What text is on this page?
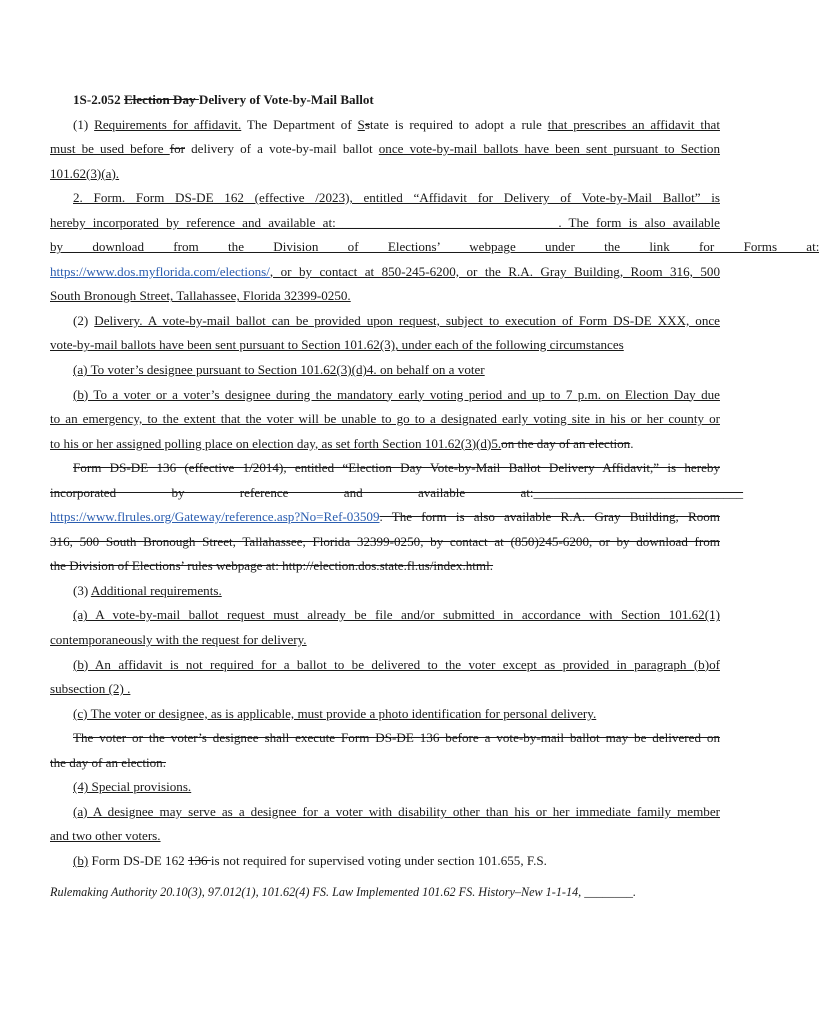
1S-2.052 Election Day Delivery of Vote-by-Mail Ballot
(1) Requirements for affidavit. The Department of Sstate is required to adopt a rule that prescribes an affidavit that
must be used before for delivery of a vote-by-mail ballot once vote-by-mail ballots have been sent pursuant to Section
101.62(3)(a).
2. Form. Form DS-DE 162 (effective /2023), entitled “Affidavit for Delivery of Vote-by-Mail Ballot” is
hereby incorporated by reference and available at:__________________________________. The form is also available
by download from the Division of Elections’ webpage under the link for Forms at:
https://www.dos.myflorida.com/elections/, or by contact at 850-245-6200, or the R.A. Gray Building, Room 316, 500
South Bronough Street, Tallahassee, Florida 32399-0250.
(2) Delivery. A vote-by-mail ballot can be provided upon request, subject to execution of Form DS-DE XXX, once
vote-by-mail ballots have been sent pursuant to Section 101.62(3), under each of the following circumstances
(a) To voter’s designee pursuant to Section 101.62(3)(d)4. on behalf on a voter
(b) To a voter or a voter’s designee during the mandatory early voting period and up to 7 p.m. on Election Day due
to an emergency, to the extent that the voter will be unable to go to a designated early voting site in his or her county or
to his or her assigned polling place on election day, as set forth Section 101.62(3)(d)5.on the day of an election.
Form DS-DE 136 (effective 1/2014), entitled “Election Day Vote-by-Mail Ballot Delivery Affidavit,” is hereby
incorporated by reference and available at:________________________________
https://www.flrules.org/Gateway/reference.asp?No=Ref-03509. The form is also available R.A. Gray Building, Room
316, 500 South Bronough Street, Tallahassee, Florida 32399-0250, by contact at (850)245-6200, or by download from
the Division of Elections’ rules webpage at: http://election.dos.state.fl.us/index.html.
(3) Additional requirements.
(a) A vote-by-mail ballot request must already be file and/or submitted in accordance with Section 101.62(1)
contemporaneously with the request for delivery.
(b) An affidavit is not required for a ballot to be delivered to the voter except as provided in paragraph (b)of
subsection (2) .
(c) The voter or designee, as is applicable, must provide a photo identification for personal delivery.
The voter or the voter’s designee shall execute Form DS-DE 136 before a vote-by-mail ballot may be delivered on
the day of an election.
(4) Special provisions.
(a) A designee may serve as a designee for a voter with disability other than his or her immediate family member
and two other voters.
(b) Form DS-DE 162 136 is not required for supervised voting under section 101.655, F.S.
Rulemaking Authority 20.10(3), 97.012(1), 101.62(4) FS. Law Implemented 101.62 FS. History–New 1-1-14, ________.
